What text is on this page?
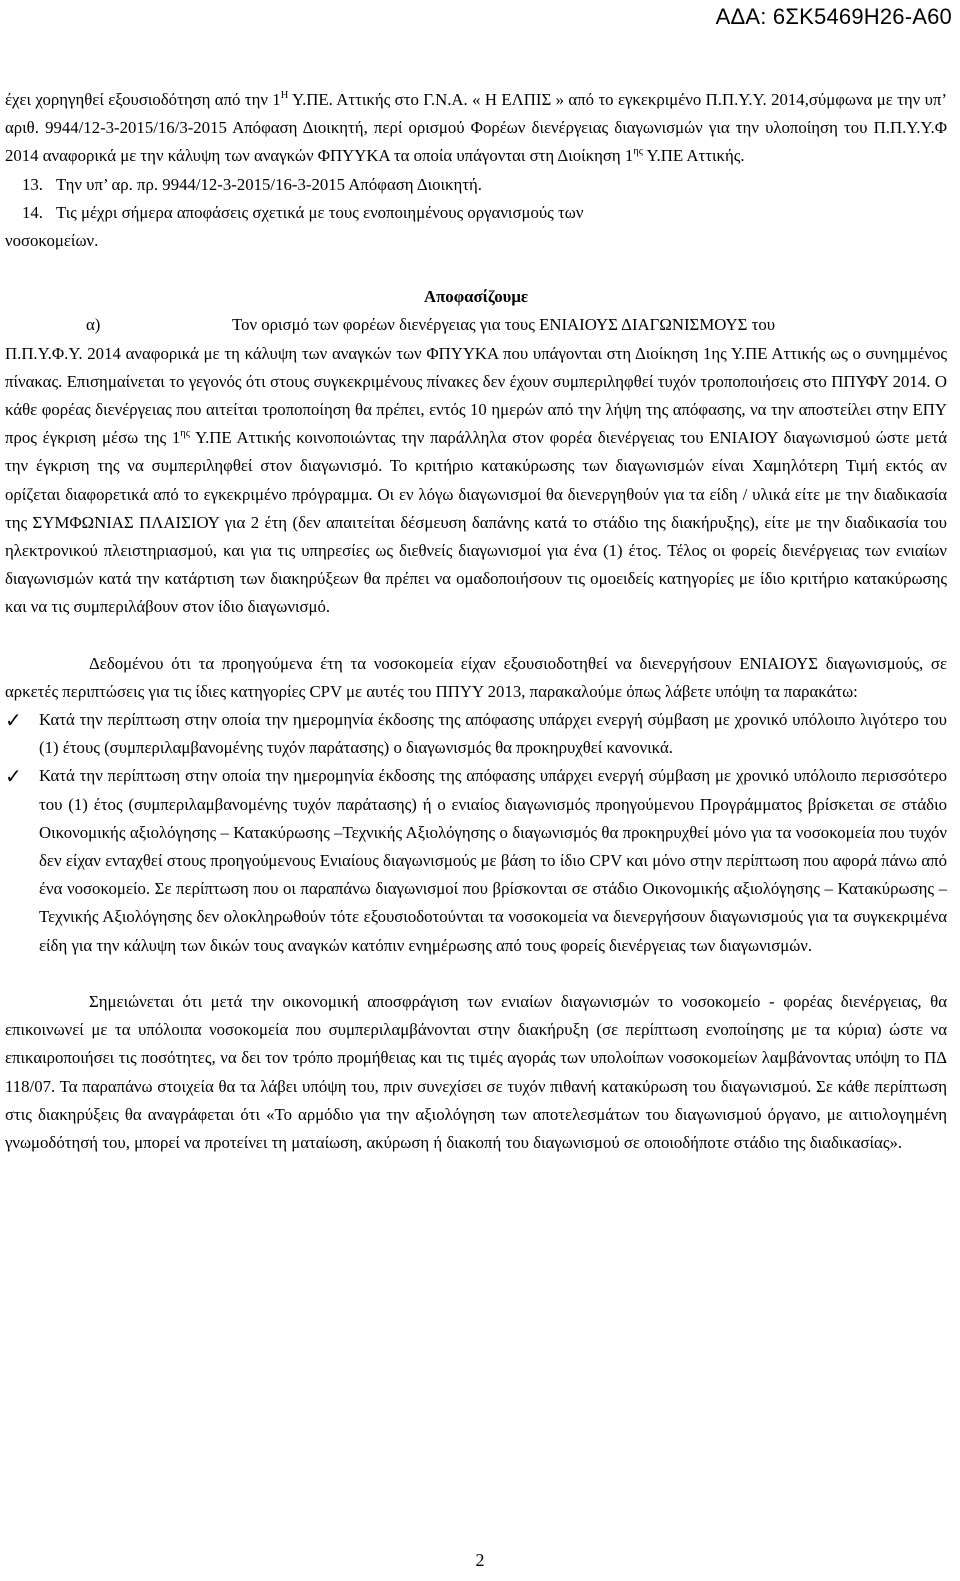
ΑΔΑ: 6ΣΚ5469Η26-Α60

έχει χορηγηθεί εξουσιοδότηση από την $1^H$ Υ.ΠΕ. Αττικής στο Γ.Ν.Α. « Η ΕΛΠΙΣ » από το εγκεκριμένο Π.Π.Υ.Υ. 2014,σύμφωνα με την υπ’ αριθ. 9944/12-3-2015/16/3-2015 Απόφαση Διοικητή, περί ορισμού Φορέων διενέργειας διαγωνισμών για την υλοποίηση του Π.Π.Υ.Υ.Φ 2014 αναφορικά με την κάλυψη των αναγκών ΦΠΥΥΚΑ τα οποία υπάγονται στη Διοίκηση $1^{\eta\varsigma}$ Υ.ΠΕ Αττικής.

13. Την υπ’ αρ. πρ. 9944/12-3-2015/16-3-2015 Απόφαση Διοικητή.
14. Τις μέχρι σήμερα αποφάσεις σχετικά με τους ενοποιημένους οργανισμούς των

νοσοκομείων.

Αποφασίζουμε
α)	Τον ορισμό των φορέων διενέργειας για τους ΕΝΙΑΙΟΥΣ ΔΙΑΓΩΝΙΣΜΟΥΣ του

Π.Π.Υ.Φ.Υ. 2014 αναφορικά με τη κάλυψη των αναγκών των ΦΠΥΥΚΑ που υπάγονται στη Διοίκηση 1ης Υ.ΠΕ Αττικής ως ο συνημμένος πίνακας. Επισημαίνεται το γεγονός ότι στους συγκεκριμένους πίνακες δεν έχουν συμπεριληφθεί τυχόν τροποποιήσεις στο ΠΠΥΦΥ 2014. Ο κάθε φορέας διενέργειας που αιτείται τροποποίηση θα πρέπει, εντός 10 ημερών από την λήψη της απόφασης, να την αποστείλει στην ΕΠΥ προς έγκριση μέσω της $1^{\eta\varsigma}$ Υ.ΠΕ Αττικής κοινοποιώντας την παράλληλα στον φορέα διενέργειας του ΕΝΙΑΙΟΥ διαγωνισμού ώστε μετά την έγκριση της να συμπεριληφθεί στον διαγωνισμό. Το κριτήριο κατακύρωσης των διαγωνισμών είναι Χαμηλότερη Τιμή εκτός αν ορίζεται διαφορετικά από το εγκεκριμένο πρόγραμμα. Οι εν λόγω διαγωνισμοί θα διενεργηθούν για τα είδη / υλικά είτε με την διαδικασία της ΣΥΜΦΩΝΙΑΣ ΠΛΑΙΣΙΟΥ για 2 έτη (δεν απαιτείται δέσμευση δαπάνης κατά το στάδιο της διακήρυξης), είτε με την διαδικασία του ηλεκτρονικού πλειστηριασμού, και για τις υπηρεσίες ως διεθνείς διαγωνισμοί για ένα (1) έτος. Τέλος οι φορείς διενέργειας των ενιαίων διαγωνισμών κατά την κατάρτιση των διακηρύξεων θα πρέπει να ομαδοποιήσουν τις ομοειδείς κατηγορίες με ίδιο κριτήριο κατακύρωσης και να τις συμπεριλάβουν στον ίδιο διαγωνισμό.

Δεδομένου ότι τα προηγούμενα έτη τα νοσοκομεία είχαν εξουσιοδοτηθεί να διενεργήσουν ΕΝΙΑΙΟΥΣ διαγωνισμούς, σε αρκετές περιπτώσεις για τις ίδιες κατηγορίες CPV με αυτές του ΠΠΥΥ 2013, παρακαλούμε όπως λάβετε υπόψη τα παρακάτω:

✓	Κατά την περίπτωση στην οποία την ημερομηνία έκδοσης της απόφασης υπάρχει ενεργή σύμβαση με χρονικό υπόλοιπο λιγότερο του (1) έτους (συμπεριλαμβανομένης τυχόν παράτασης) ο διαγωνισμός θα προκηρυχθεί κανονικά.
✓	Κατά την περίπτωση στην οποία την ημερομηνία έκδοσης της απόφασης υπάρχει ενεργή σύμβαση με χρονικό υπόλοιπο περισσότερο του (1) έτος (συμπεριλαμβανομένης τυχόν παράτασης) ή ο ενιαίος διαγωνισμός προηγούμενου Προγράμματος βρίσκεται σε στάδιο Οικονομικής αξιολόγησης – Κατακύρωσης –Τεχνικής Αξιολόγησης ο διαγωνισμός θα προκηρυχθεί μόνο για τα νοσοκομεία που τυχόν δεν είχαν ενταχθεί στους προηγούμενους Ενιαίους διαγωνισμούς με βάση το ίδιο CPV και μόνο στην περίπτωση που αφορά πάνω από ένα νοσοκομείο. Σε περίπτωση που οι παραπάνω διαγωνισμοί που βρίσκονται σε στάδιο Οικονομικής αξιολόγησης – Κατακύρωσης –Τεχνικής Αξιολόγησης δεν ολοκληρωθούν τότε εξουσιοδοτούνται τα νοσοκομεία να διενεργήσουν διαγωνισμούς για τα συγκεκριμένα είδη για την κάλυψη των δικών τους αναγκών κατόπιν ενημέρωσης από τους φορείς διενέργειας των διαγωνισμών.

Σημειώνεται ότι μετά την οικονομική αποσφράγιση των ενιαίων διαγωνισμών το νοσοκομείο - φορέας διενέργειας, θα επικοινωνεί με τα υπόλοιπα νοσοκομεία που συμπεριλαμβάνονται στην διακήρυξη (σε περίπτωση ενοποίησης με τα κύρια) ώστε να επικαιροποιήσει τις ποσότητες, να δει τον τρόπο προμήθειας και τις τιμές αγοράς των υπολοίπων νοσοκομείων λαμβάνοντας υπόψη το ΠΔ 118/07. Τα παραπάνω στοιχεία θα τα λάβει υπόψη του, πριν συνεχίσει σε τυχόν πιθανή κατακύρωση του διαγωνισμού. Σε κάθε περίπτωση στις διακηρύξεις θα αναγράφεται ότι «Το αρμόδιο για την αξιολόγηση των αποτελεσμάτων του διαγωνισμού όργανο, με αιτιολογημένη γνωμοδότησή του, μπορεί να προτείνει τη ματαίωση, ακύρωση ή διακοπή του διαγωνισμού σε οποιοδήποτε στάδιο της διαδικασίας».

2
